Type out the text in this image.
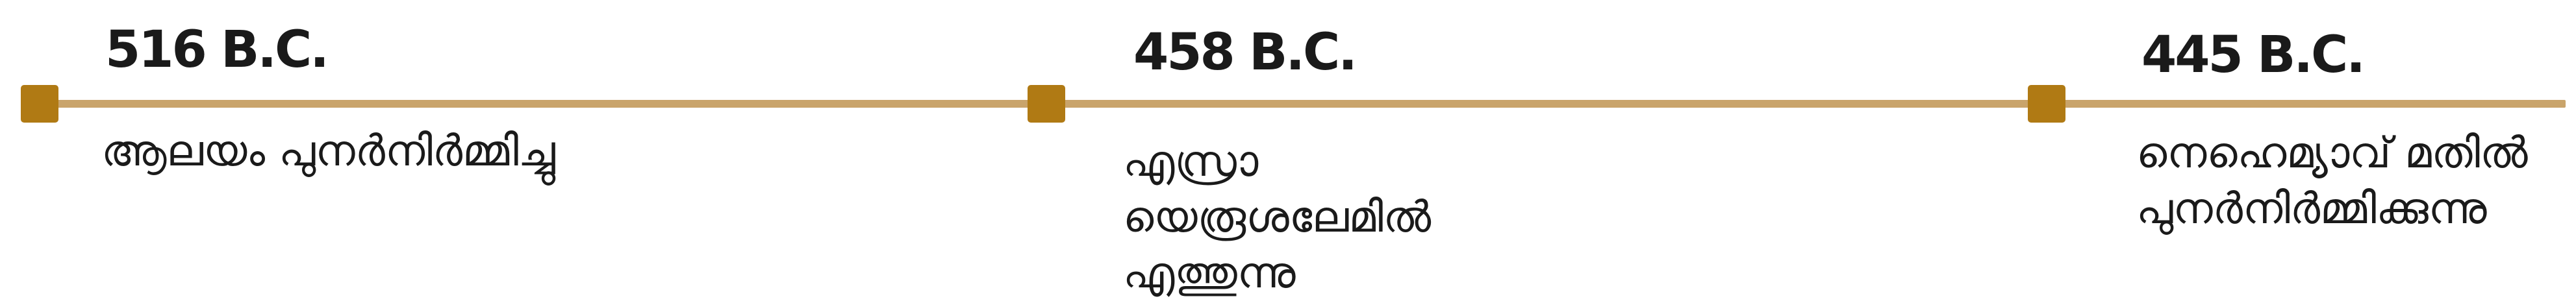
516 B.C.
ആലയം പുനർനിർമ്മിച്ചു
458 B.C.
എസ്രാ യെരൂശലേമിൽ
എത്തുന്നു
445 B.C.
നെഹെമ്യാവ് മതിൽ
പുനർനിർമ്മിക്കുന്നു
